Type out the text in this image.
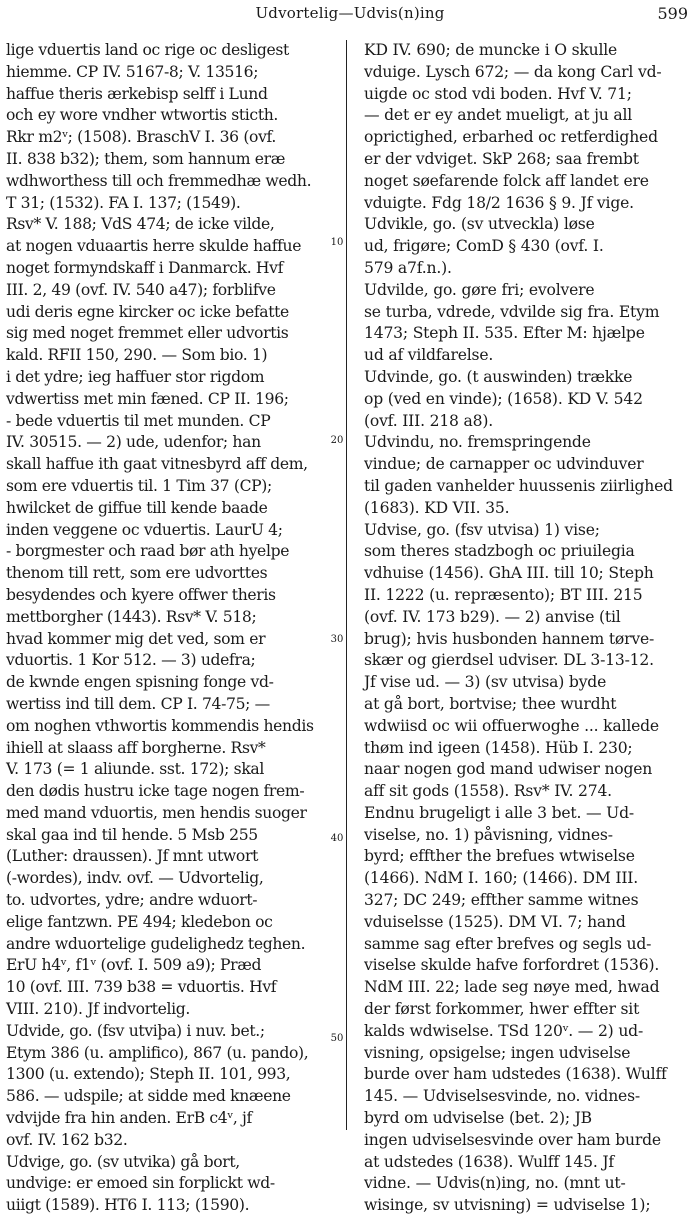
Udvortelig—Udvis(n)ing	599
lige vduertis land oc rige oc desligest
hiemme. CP IV. 5167-8; V. 13516;
haffue theris ærkebisp selff i Lund
och ey wore vndher wtwortis sticth.
Rkr m2ᵛ; (1508). BraschV I. 36 (ovf.
II. 838 b32); them, som hannum eræ
wdhworthess till och fremmedhæ wedh.
T 31; (1532). FA I. 137; (1549).
Rsv* V. 188; VdS 474; de icke vilde,
at nogen vduaartis herre skulde haffue
noget formyndskaff i Danmarck. Hvf
III. 2, 49 (ovf. IV. 540 a47); forblifve
udi deris egne kircker oc icke befatte
sig med noget fremmet eller udvortis
kald. RFII 150, 290. — Som bio. 1)
i det ydre; ieg haffuer stor rigdom
vdwertiss met min fæned. CP II. 196;
- bede vduertis til met munden. CP
IV. 30515. — 2) ude, udenfor; han
skall haffue ith gaat vitnesbyrd aff dem,
som ere vduertis til. 1 Tim 37 (CP);
hwilcket de giffue till kende baade
inden veggene oc vduertis. LaurU 4;
- borgmester och raad bør ath hyelpe
thenom till rett, som ere udvorttes
besydendes och kyere offwer theris
mettborgher (1443). Rsv* V. 518;
hvad kommer mig det ved, som er
vduortis. 1 Kor 512. — 3) udefra;
de kwnde engen spisning fonge vd-
wertiss ind till dem. CP I. 74-75; —
om noghen vthwortis kommendis hendis
ihiell at slaass aff borgherne. Rsv*
V. 173 (= 1 aliunde. sst. 172); skal
den dødis hustru icke tage nogen frem-
med mand vduortis, men hendis suoger
skal gaa ind til hende. 5 Msb 255
(Luther: draussen). Jf mnt utwort
(-wordes), indv. ovf. — Udvortelig,
to. udvortes, ydre; andre wduort-
elige fantzwn. PE 494; kledebon oc
andre wduortelige gudelighedz teghen.
ErU h4ᵛ, f1ᵛ (ovf. I. 509 a9); Præd
10 (ovf. III. 739 b38 = vduortis. Hvf
VIII. 210). Jf indvortelig.
Udvide, go. (fsv utviþa) i nuv. bet.;
Etym 386 (u. amplifico), 867 (u. pando),
1300 (u. extendo); Steph II. 101, 993,
586. — udspile; at sidde med knæene
vdvijde fra hin anden. ErB c4ᵛ, jf
ovf. IV. 162 b32.
Udvige, go. (sv utvika) gå bort,
undvige: er emoed sin forplickt wd-
uiigt (1589). HT6 I. 113; (1590).
KD IV. 690; de muncke i O skulle
vduige. Lysch 672; — da kong Carl vd-
uigde oc stod vdi boden. Hvf V. 71;
— det er ey andet mueligt, at ju all
oprictighed, erbarhed oc retferdighed
er der vdviget. SkP 268; saa frembt
noget søefarende folck aff landet ere
vduigte. Fdg 18/2 1636 § 9. Jf vige.
Udvikle, go. (sv utveckla) løse
ud, frigøre; ComD § 430 (ovf. I.
579 a7f.n.).
Udvilde, go. gøre fri; evolvere
se turba, vdrede, vdvilde sig fra. Etym
1473; Steph II. 535. Efter M: hjælpe
ud af vildfarelse.
Udvinde, go. (t auswinden) trække
op (ved en vinde); (1658). KD V. 542
(ovf. III. 218 a8).
Udvindu, no. fremspringende
vindue; de carnapper oc udvinduver
til gaden vanhelder huussenis ziirlighed
(1683). KD VII. 35.
Udvise, go. (fsv utvisa) 1) vise;
som theres stadzbogh oc priuilegia
vdhuise (1456). GhA III. till 10; Steph
II. 1222 (u. repræsento); BT III. 215
(ovf. IV. 173 b29). — 2) anvise (til
brug); hvis husbonden hannem tørve-
skær og gierdsel udviser. DL 3-13-12.
Jf vise ud. — 3) (sv utvisa) byde
at gå bort, bortvise; thee wurdht
wdwiisd oc wii offuerwoghe ... kallede
thøm ind igeen (1458). Hüb I. 230;
naar nogen god mand udwiser nogen
aff sit gods (1558). Rsv* IV. 274.
Endnu brugeligt i alle 3 bet. — Ud-
viselse, no. 1) påvisning, vidnes-
byrd; effther the brefues wtwiselse
(1466). NdM I. 160; (1466). DM III.
327; DC 249; effther samme witnes
vduiselsse (1525). DM VI. 7; hand
samme sag efter brefves og segls ud-
viselse skulde hafve forfordret (1536).
NdM III. 22; lade seg nøye med, hwad
der først forkommer, hwer effter sit
kalds wdwiselse. TSd 120ᵛ. — 2) ud-
visning, opsigelse; ingen udviselse
burde over ham udstedes (1638). Wulff
145. — Udviselsesvinde, no. vidnes-
byrd om udviselse (bet. 2); JB
ingen udviselsesvinde over ham burde
at udstedes (1638). Wulff 145. Jf
vidne. — Udvis(n)ing, no. (mnt ut-
wisinge, sv utvisning) = udviselse 1);
10
20
30
40
50
